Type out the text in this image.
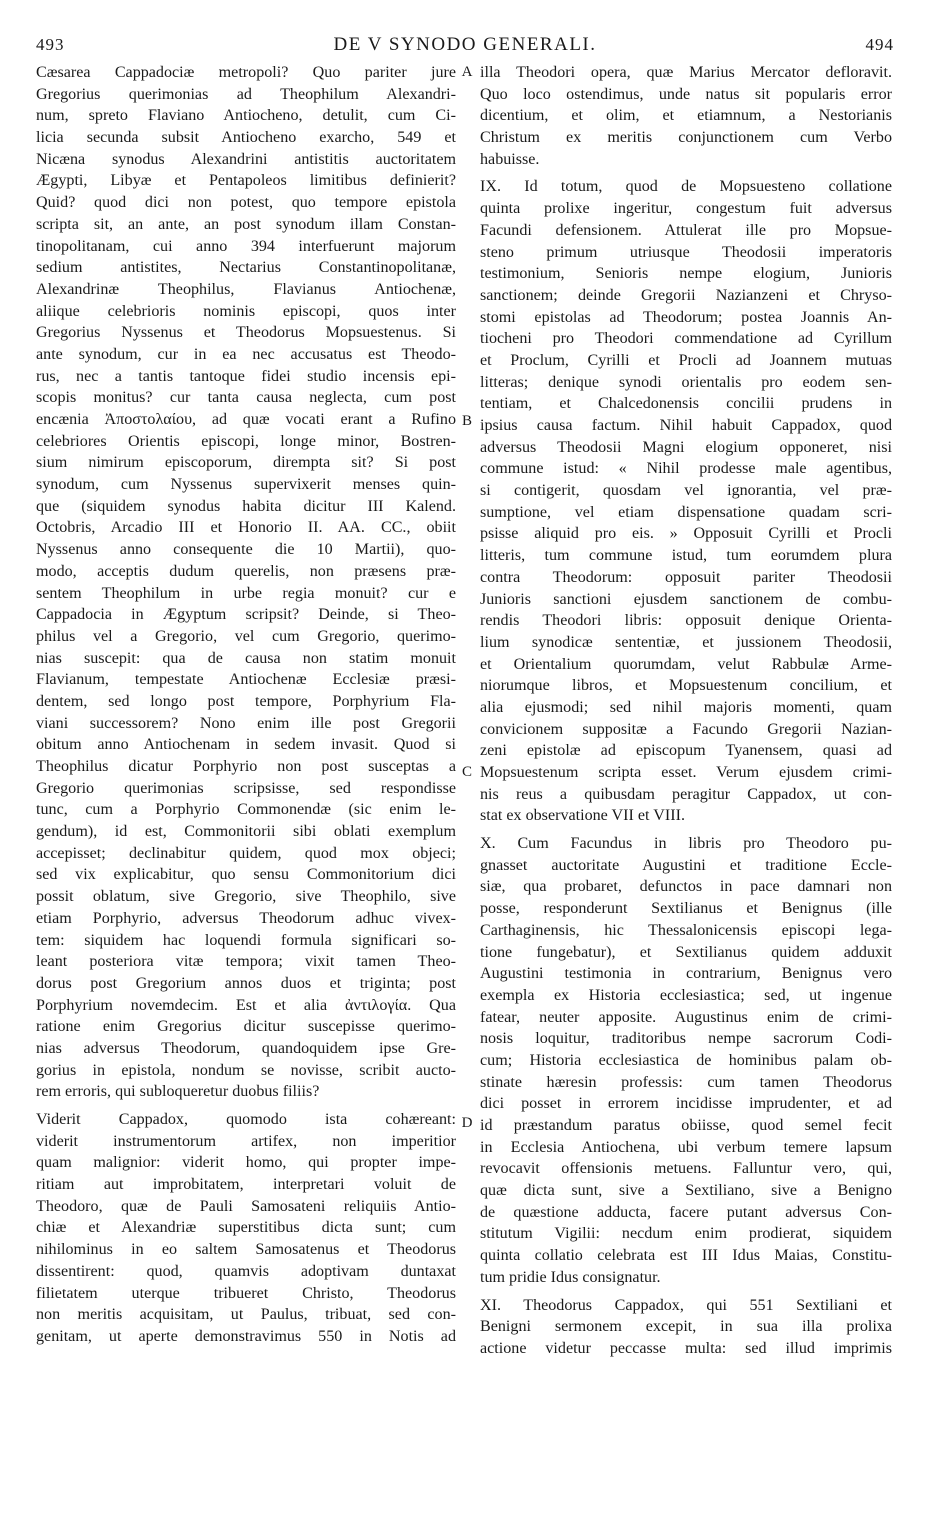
493	DE V SYNODO GENERALI.	494
Cæsarea Cappadociæ metropoli? Quo pariter jure
Gregorius querimonias ad Theophilum Alexandri-
num, spreto Flaviano Antiocheno, detulit, cum Ci-
licia secunda subsit Antiocheno exarcho, 549 et
Nicæna synodus Alexandrini antistitis auctoritatem
Ægypti, Libyæ et Pentapoleos limitibus definierit?
Quid? quod dici non potest, quo tempore epistola
scripta sit, an ante, an post synodum illam Constan-
tinopolitanam, cui anno 394 interfuerunt majorum
sedium antistites, Nectarius Constantinopolitanæ,
Alexandrinæ Theophilus, Flavianus Antiochenæ,
aliique celebrioris nominis episcopi, quos inter
Gregorius Nyssenus et Theodorus Mopsuestenus. Si
ante synodum, cur in ea nec accusatus est Theodo-
rus, nec a tantis tantoque fidei studio incensis epi-
scopis monitus? cur tanta causa neglecta, cum post
encænia Ἀποστολαίου, ad quæ vocati erant a Rufino
celebriores Orientis episcopi, longe minor, Bostren-
sium nimirum episcoporum, dirempta sit? Si post
synodum, cum Nyssenus supervixerit menses quin-
que (siquidem synodus habita dicitur III Kalend.
Octobris, Arcadio III et Honorio II. AA. CC., obiit
Nyssenus anno consequente die 10 Martii), quo-
modo, acceptis dudum querelis, non præsens præ-
sentem Theophilum in urbe regia monuit? cur e
Cappadocia in Ægyptum scripsit? Deinde, si Theo-
philus vel a Gregorio, vel cum Gregorio, querimo-
nias suscepit: qua de causa non statim monuit
Flavianum, tempestate Antiochenæ Ecclesiæ præsi-
dentem, sed longo post tempore, Porphyrium Fla-
viani successorem? Nono enim ille post Gregorii
obitum anno Antiochenam in sedem invasit. Quod si
Theophilus dicatur Porphyrio non post susceptas a
Gregorio querimonias scripsisse, sed respondisse
tunc, cum a Porphyrio Commonendæ (sic enim le-
gendum), id est, Commonitorii sibi oblati exemplum
accepisset; declinabitur quidem, quod mox objeci;
sed vix explicabitur, quo sensu Commonitorium dici
possit oblatum, sive Gregorio, sive Theophilo, sive
etiam Porphyrio, adversus Theodorum adhuc vivex-
tem: siquidem hac loquendi formula significari so-
leant posteriora vitæ tempora; vixit tamen Theo-
dorus post Gregorium annos duos et triginta; post
Porphyrium novemdecim. Est et alia ἀντιλογία. Qua
ratione enim Gregorius dicitur suscepisse querimo-
nias adversus Theodorum, quandoquidem ipse Gre-
gorius in epistola, nondum se novisse, scribit aucto-
rem erroris, qui subloqueretur duobus filiis?
Viderit Cappadox, quomodo ista cohæreant:
viderit instrumentorum artifex, non imperitior
quam malignior: viderit homo, qui propter impe-
ritiam aut improbitatem, interpretari voluit de
Theodoro, quæ de Pauli Samosateni reliquiis Antio-
chiæ et Alexandriæ superstitibus dicta sunt; cum
nihilominus in eo saltem Samosatenus et Theodorus
dissentirent: quod, quamvis adoptivam duntaxat
filietatem uterque tribueret Christo, Theodorus
non meritis acquisitam, ut Paulus, tribuat, sed con-
genitam, ut aperte demonstravimus 550 in Notis ad
illa Theodori opera, quæ Marius Mercator defloravit.
Quo loco ostendimus, unde natus sit popularis error
dicentium, et olim, et etiamnum, a Nestorianis
Christum ex meritis conjunctionem cum Verbo
habuisse.
IX. Id totum, quod de Mopsuesteno collatione
quinta prolixe ingeritur, congestum fuit adversus
Facundi defensionem. Attulerat ille pro Mopsue-
steno primum utriusque Theodosii imperatoris
testimonium, Senioris nempe elogium, Junioris
sanctionem; deinde Gregorii Nazianzeni et Chryso-
stomi epistolas ad Theodorum; postea Joannis An-
tiocheni pro Theodori commendatione ad Cyrillum
et Proclum, Cyrilli et Procli ad Joannem mutuas
litteras; denique synodi orientalis pro eodem sen-
tentiam, et Chalcedonensis concilii prudens in
ipsius causa factum. Nihil habuit Cappadox, quod
adversus Theodosii Magni elogium opponeret, nisi
commune istud: « Nihil prodesse male agentibus,
si contigerit, quosdam vel ignorantia, vel præ-
sumptione, vel etiam dispensatione quadam scri-
psisse aliquid pro eis. » Opposuit Cyrilli et Procli
litteris, tum commune istud, tum eorumdem plura
contra Theodorum: opposuit pariter Theodosii
Junioris sanctioni ejusdem sanctionem de combu-
rendis Theodori libris: opposuit denique Orienta-
lium synodicæ sententiæ, et jussionem Theodosii,
et Orientalium quorumdam, velut Rabbulæ Arme-
niorumque libros, et Mopsuestenum concilium, et
alia ejusmodi; sed nihil majoris momenti, quam
convicionem suppositæ a Facundo Gregorii Nazian-
zeni epistolæ ad episcopum Tyanensem, quasi ad
Mopsuestenum scripta esset. Verum ejusdem crimi-
nis reus a quibusdam peragitur Cappadox, ut con-
stat ex observatione VII et VIII.
X. Cum Facundus in libris pro Theodoro pu-
gnasset auctoritate Augustini et traditione Eccle-
siæ, qua probaret, defunctos in pace damnari non
posse, responderunt Sextilianus et Benignus (ille
Carthaginensis, hic Thessalonicensis episcopi lega-
tione fungebatur), et Sextilianus quidem adduxit
Augustini testimonia in contrarium, Benignus vero
exempla ex Historia ecclesiastica; sed, ut ingenue
fatear, neuter apposite. Augustinus enim de crimi-
nosis loquitur, traditoribus nempe sacrorum Codi-
cum; Historia ecclesiastica de hominibus palam ob-
stinate hæresin professis: cum tamen Theodorus
dici posset in errorem incidisse imprudenter, et ad
id præstandum paratus obiisse, quod semel fecit
in Ecclesia Antiochena, ubi verbum temere lapsum
revocavit offensionis metuens. Falluntur vero, qui,
quæ dicta sunt, sive a Sextiliano, sive a Benigno
de quæstione adducta, facere putant adversus Con-
stitutum Vigilii: necdum enim prodierat, siquidem
quinta collatio celebrata est III Idus Maias, Constitu-
tum pridie Idus consignatur.
XI. Theodorus Cappadox, qui 551 Sextiliani et
Benigni sermonem excepit, in sua illa prolixa
actione videtur peccasse multa: sed illud imprimis
A
B
C
D
